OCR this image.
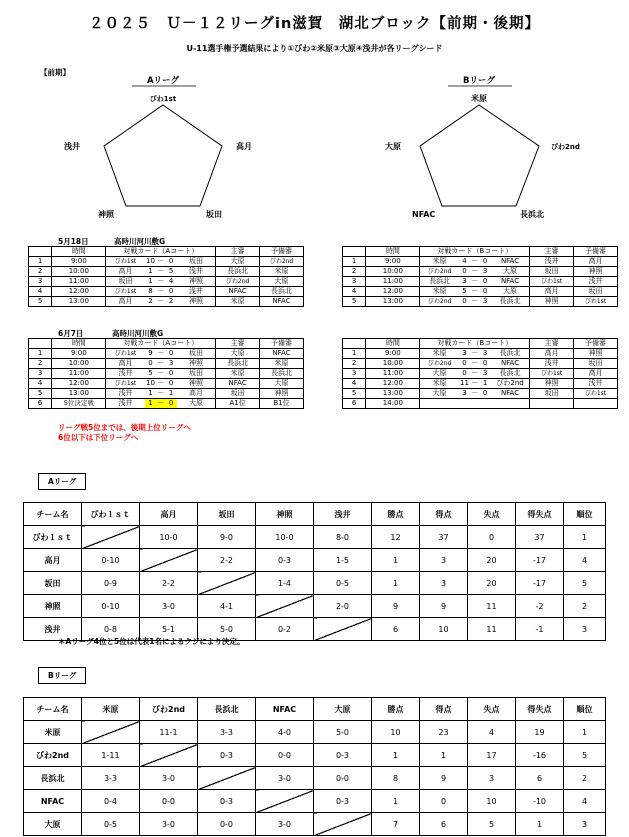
２０２５　Ｕ－１２リーグin滋賀　湖北ブロック【前期・後期】
U-11選手権予選結果により①びわ②米原③大原④浅井が各リーグシード
【前期】
Aリーグ
びわ1st
高月
坂田
神照
浅井
Bリーグ
米原
びわ2nd
長浜北
NFAC
大原
5月18日	高時川河川敷G
	時間	対戦カード（Aコート）					主審	予備審
1	9:00	びわ1st	10	－	0	坂田	大原	びわ2nd
2	10:00	高月	1	－	5	浅井	長浜北	米原
3	11:00	坂田	1	－	4	神照	びわ2nd	大原
4	12:00	びわ1st	8	－	0	浅井	NFAC	長浜北
5	13:00	高月	2	－	2	神照	米原	NFAC
	時間	対戦カード（Bコート）					主審	予備審
1	9:00	米原	4	－	0	NFAC	浅井	高月
2	10:00	びわ2nd	0	－	3	大原	坂田	神照
3	11:00	長浜北	3	－	0	NFAC	びわ1st	浅井
4	12:00	米原	5	－	0	大原	高月	坂田
5	13:00	びわ2nd	0	－	3	長浜北	神照	びわ1st
6月7日	高時川河川敷G
	時間	対戦カード（Aコート）					主審	予備審
1	9:00	びわ1st	9	－	0	坂田	大原	NFAC
2	10:00	高月	0	－	3	神照	長浜北	米原
3	11:00	浅井	5	－	0	坂田	米原	長浜北
4	12:00	びわ1st	10	－	0	神照	NFAC	大原
5	13:00	浅井	1	－	1	高月	坂田	神照
6	5位決定戦	浅井	1	－	0	大原	A1位	B1位
	時間	対戦カード（Bコート）					主審	予備審
1	9:00	米原	3	－	3	長浜北	高月	神照
2	10:00	びわ2nd	0	－	0	NFAC	浅井	坂田
3	11:00	大原	0	－	3	長浜北	びわ1st	高月
4	12:00	米原	11	－	1	びわ2nd	神照	浅井
5	13:00	大原	3	－	0	NFAC	坂田	びわ1st
6	14:00							
リーグ戦5位までは、後期上位リーグへ
6位以下は下位リーグへ
Aリーグ
チーム名	びわ１ｓｔ	高月	坂田	神照	浅井	勝点	得点	失点	得失点	順位
びわ１ｓｔ		10-0	9-0	10-0	8-0	12	37	0	37	1
高月	0-10		2-2	0-3	1-5	1	3	20	-17	4
坂田	0-9	2-2		1-4	0-5	1	3	20	-17	5
神照	0-10	3-0	4-1		2-0	9	9	11	-2	2
浅井	0-8	5-1	5-0	0-2		6	10	11	-1	3
＊Aリーグ4位と5位は代表1名によるクジにより決定。
Bリーグ
チーム名	米原	びわ2nd	長浜北	NFAC	大原	勝点	得点	失点	得失点	順位
米原		11-1	3-3	4-0	5-0	10	23	4	19	1
びわ2nd	1-11		0-3	0-0	0-3	1	1	17	-16	5
長浜北	3-3	3-0		3-0	0-0	8	9	3	6	2
NFAC	0-4	0-0	0-3		0-3	1	0	10	-10	4
大原	0-5	3-0	0-0	3-0		7	6	5	1	3
